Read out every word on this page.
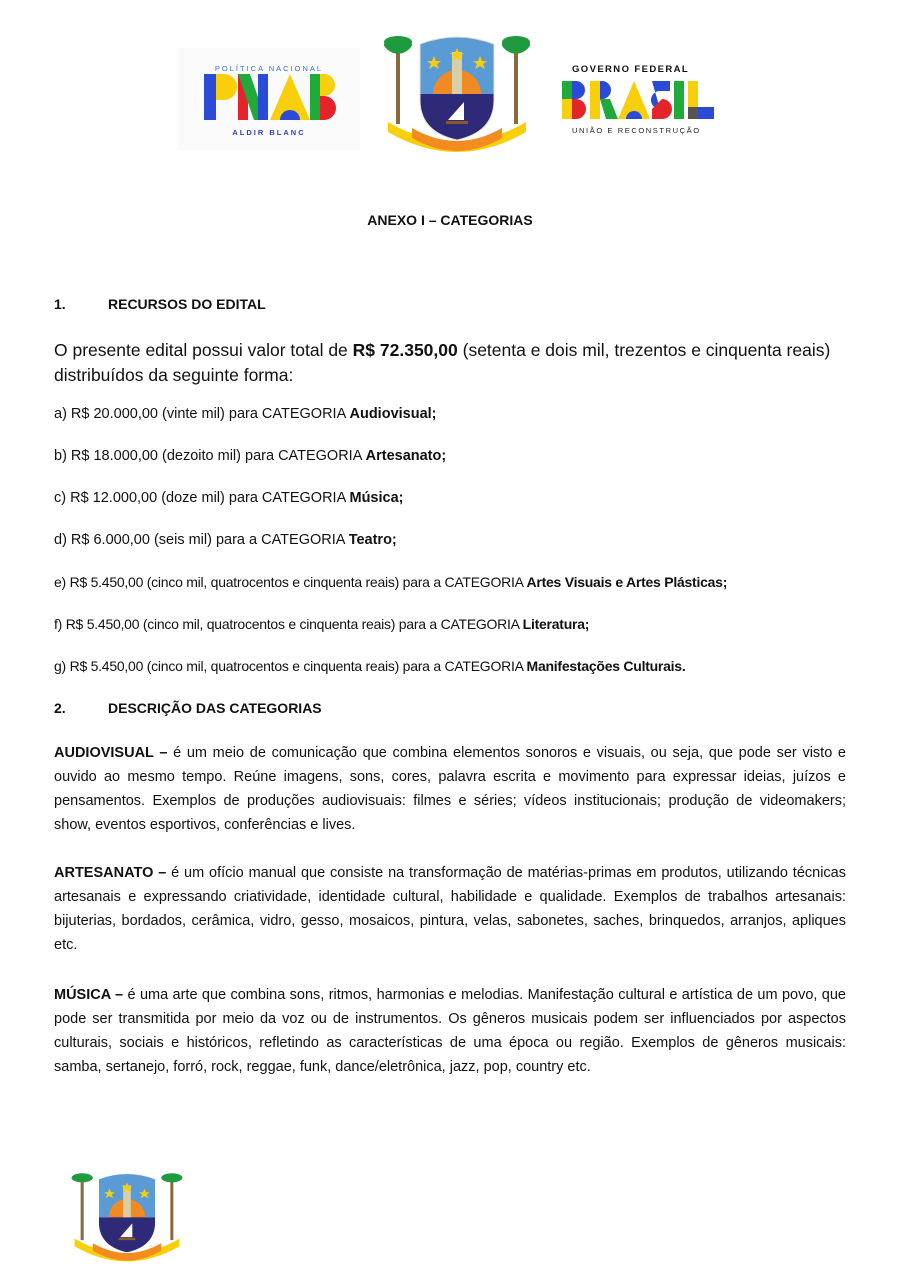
POLÍTICA NACIONAL
ALDIR BLANC
GOVERNO FEDERAL
UNIÃO E RECONSTRUÇÃO
ANEXO I – CATEGORIAS
1.	RECURSOS DO EDITAL
O presente edital possui valor total de R$ 72.350,00 (setenta e dois mil, trezentos e cinquenta reais) distribuídos da seguinte forma:
a) R$ 20.000,00 (vinte mil) para CATEGORIA Audiovisual;
b) R$ 18.000,00 (dezoito mil) para CATEGORIA Artesanato;
c) R$ 12.000,00 (doze mil) para CATEGORIA Música;
d) R$ 6.000,00 (seis mil) para a CATEGORIA Teatro;
e) R$ 5.450,00 (cinco mil, quatrocentos e cinquenta reais) para a CATEGORIA Artes Visuais e Artes Plásticas;
f) R$ 5.450,00 (cinco mil, quatrocentos e cinquenta reais) para a CATEGORIA Literatura;
g) R$ 5.450,00 (cinco mil, quatrocentos e cinquenta reais) para a CATEGORIA Manifestações Culturais.
2.	DESCRIÇÃO DAS CATEGORIAS
AUDIOVISUAL – é um meio de comunicação que combina elementos sonoros e visuais, ou seja, que pode ser visto e ouvido ao mesmo tempo. Reúne imagens, sons, cores, palavra escrita e movimento para expressar ideias, juízos e pensamentos. Exemplos de produções audiovisuais: filmes e séries; vídeos institucionais; produção de videomakers; show, eventos esportivos, conferências e lives.
ARTESANATO – é um ofício manual que consiste na transformação de matérias-primas em produtos, utilizando técnicas artesanais e expressando criatividade, identidade cultural, habilidade e qualidade. Exemplos de trabalhos artesanais: bijuterias, bordados, cerâmica, vidro, gesso, mosaicos, pintura, velas, sabonetes, saches, brinquedos, arranjos, apliques etc.
MÚSICA – é uma arte que combina sons, ritmos, harmonias e melodias. Manifestação cultural e artística de um povo, que pode ser transmitida por meio da voz ou de instrumentos. Os gêneros musicais podem ser influenciados por aspectos culturais, sociais e históricos, refletindo as características de uma época ou região. Exemplos de gêneros musicais: samba, sertanejo, forró, rock, reggae, funk, dance/eletrônica, jazz, pop, country etc.
